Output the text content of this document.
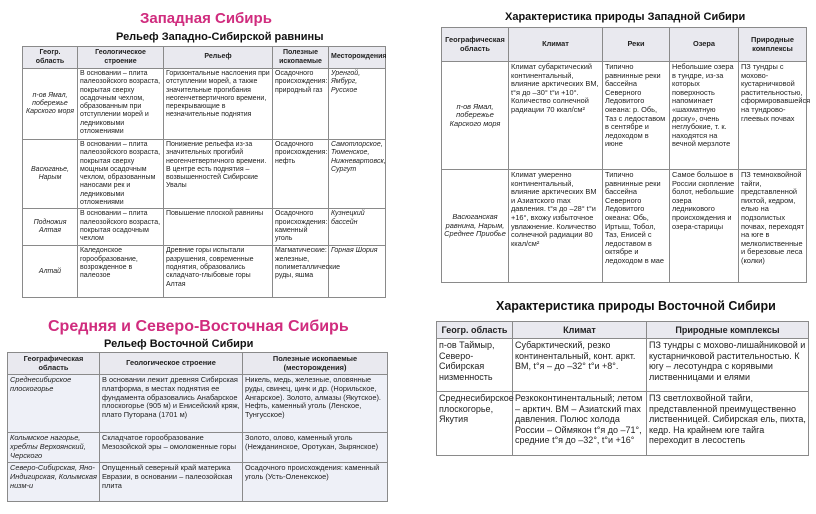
Западная Сибирь
Рельеф Западно-Сибирской равнины
Геогр. область	Геологическое строение	Рельеф	Полезные ископаемые	Месторождения
п-ов Ямал, побережье Карского моря	В основании – плита палеозойского возраста, покрытая сверху осадочным чехлом, образованным при отступлении морей и ледниковыми отложениями	Горизонтальные наслоения при отступлении морей, а также значительные прогибания неогенчетвертичного времени, перекрывающие в незначительные поднятия	Осадочного происхождения: природный газ	Уренгой, Ямбург, Русское
Васюганье, Нарым	В основании – плита палеозойского возраста, покрытая сверху мощным осадочным чехлом, образованным наносами рек и ледниковыми отложениями	Понижение рельефа из-за значительных прогибий неогенчетвертичного времени. В центре есть поднятия – возвышенностей Сибирские Увалы	Осадочного происхождения: нефть	Самотлорское, Тюменское, Нижневартовск, Сургут
Подножия Алтая	В основании – плита палеозойского возраста, покрытая осадочным чехлом	Повышение плоской равнины	Осадочного происхождения: каменный уголь	Кузнецкий бассейн
Алтай	Каледонское горообразование, возрожденное в палеозое	Древние горы испытали разрушения, современные поднятия, образовались складчато-глыбовые горы Алтая	Магматические: железные, полиметаллические руды, яшма	Горная Шория
Средняя и Северо-Восточная Сибирь
Рельеф Восточной Сибири
Географическая область	Геологическое строение	Полезные ископаемые (месторождения)
Среднесибирское плоскогорье	В основании лежит древняя Сибирская платформа, в местах поднятия ее фундамента образовались Анабарское плоскогорье (905 м) и Енисейский кряж, плато Путорана (1701 м)	Никель, медь, железные, оловянные руды, свинец, цинк и др. (Норильское, Ангарское). Золото, алмазы (Якутское). Нефть, каменный уголь (Ленское, Тунгусское)
Колымское нагорье, хребты Верхоянский, Черского	Складчатое горообразование Мезозойской эры – омоложенные горы	Золото, олово, каменный уголь (Нежданинское, Оротукан, Зырянское)
Северо-Сибирская, Яно-Индигирская, Колымская низм-и	Опущенный северный край материка Евразии, в основании – палеозойская плита	Осадочного происхождения: каменный уголь (Усть-Оленекское)
Характеристика природы Западной Сибири
Географическая область	Климат	Реки	Озера	Природные комплексы
п-ов Ямал, побережье Карского моря	Климат субарктический континентальный, влияние арктических ВМ, t°я до –30° t°и +10°. Количество солнечной радиации 70 ккал/см²	Типично равнинные реки бассейна Северного Ледовитого океана: р. Обь, Таз с ледоставом в сентябре и ледоходом в июне	Небольшие озера в тундре, из-за которых поверхность напоминает «шахматную доску», очень неглубокие, т. к. находятся на вечной мерзлоте	ПЗ тундры с мохово-кустарничковой растительностью, сформировавшейся на тундрово-глеевых почвах
Васюганская равнина, Нарым, Среднее Приобье	Климат умеренно континентальный, влияние арктических ВМ и Азиатского max давления. t°я до –28° t°и +16°, вхожу избыточное увлажнение. Количество солнечной радиации 80 ккал/см²	Типично равнинные реки бассейна Северного Ледовитого океана: Обь, Иртыш, Тобол, Таз, Енисей с ледоставом в октябре и ледоходом в мае	Самое большое в России скопление болот, небольшие озера ледникового происхождения и озера-старицы	ПЗ темнохвойной тайги, представленной пихтой, кедром, елью на подзолистых почвах, переходят на юге в мелколиственные и березовые леса (колки)
Характеристика природы Восточной Сибири
Геогр. область	Климат	Природные комплексы
п-ов Таймыр, Северо-Сибирская низменность	Субарктический, резко континентальный, конт. аркт. ВМ, t°я – до –32° t°и +8°.	ПЗ тундры с мохово-лишайниковой и кустарничковой растительностью. К югу – лесотундра с корявыми лиственницами и елями
Среднесибирское плоскогорье, Якутия	Резкоконтинентальный; летом – арктич. ВМ – Азиатский max давления. Полюс холода России – Оймякон t°я до –71°, средние t°я до –32°, t°и +16°	ПЗ светлохвойной тайги, представленной преимущественно лиственницей. Сибирская ель, пихта, кедр. На крайнем юге тайга переходит в лесостепь
